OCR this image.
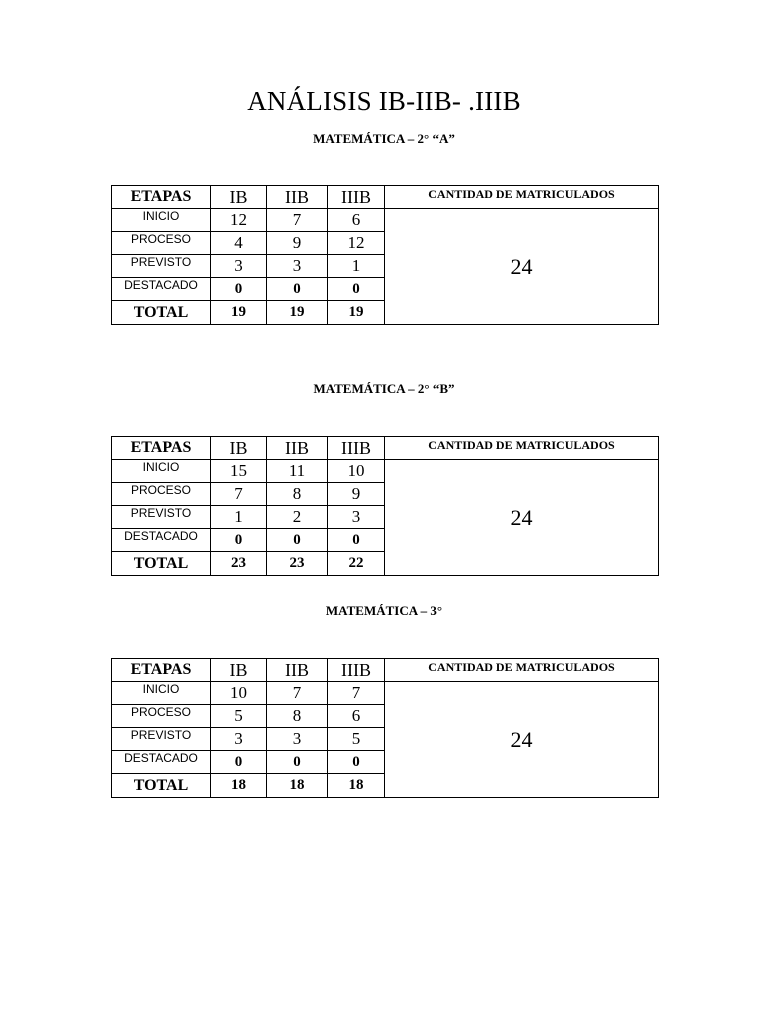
ANÁLISIS IB-IIB- .IIIB
MATEMÁTICA – 2° “A”
ETAPAS	IB	IIB	IIIB	CANTIDAD DE MATRICULADOS
INICIO	12	7	6	24
PROCESO	4	9	12	
PREVISTO	3	3	1	
DESTACADO	0	0	0	
TOTAL	19	19	19	
MATEMÁTICA – 2° “B”
ETAPAS	IB	IIB	IIIB	CANTIDAD DE MATRICULADOS
INICIO	15	11	10	24
PROCESO	7	8	9	
PREVISTO	1	2	3	
DESTACADO	0	0	0	
TOTAL	23	23	22	
MATEMÁTICA – 3°
ETAPAS	IB	IIB	IIIB	CANTIDAD DE MATRICULADOS
INICIO	10	7	7	24
PROCESO	5	8	6	
PREVISTO	3	3	5	
DESTACADO	0	0	0	
TOTAL	18	18	18	
